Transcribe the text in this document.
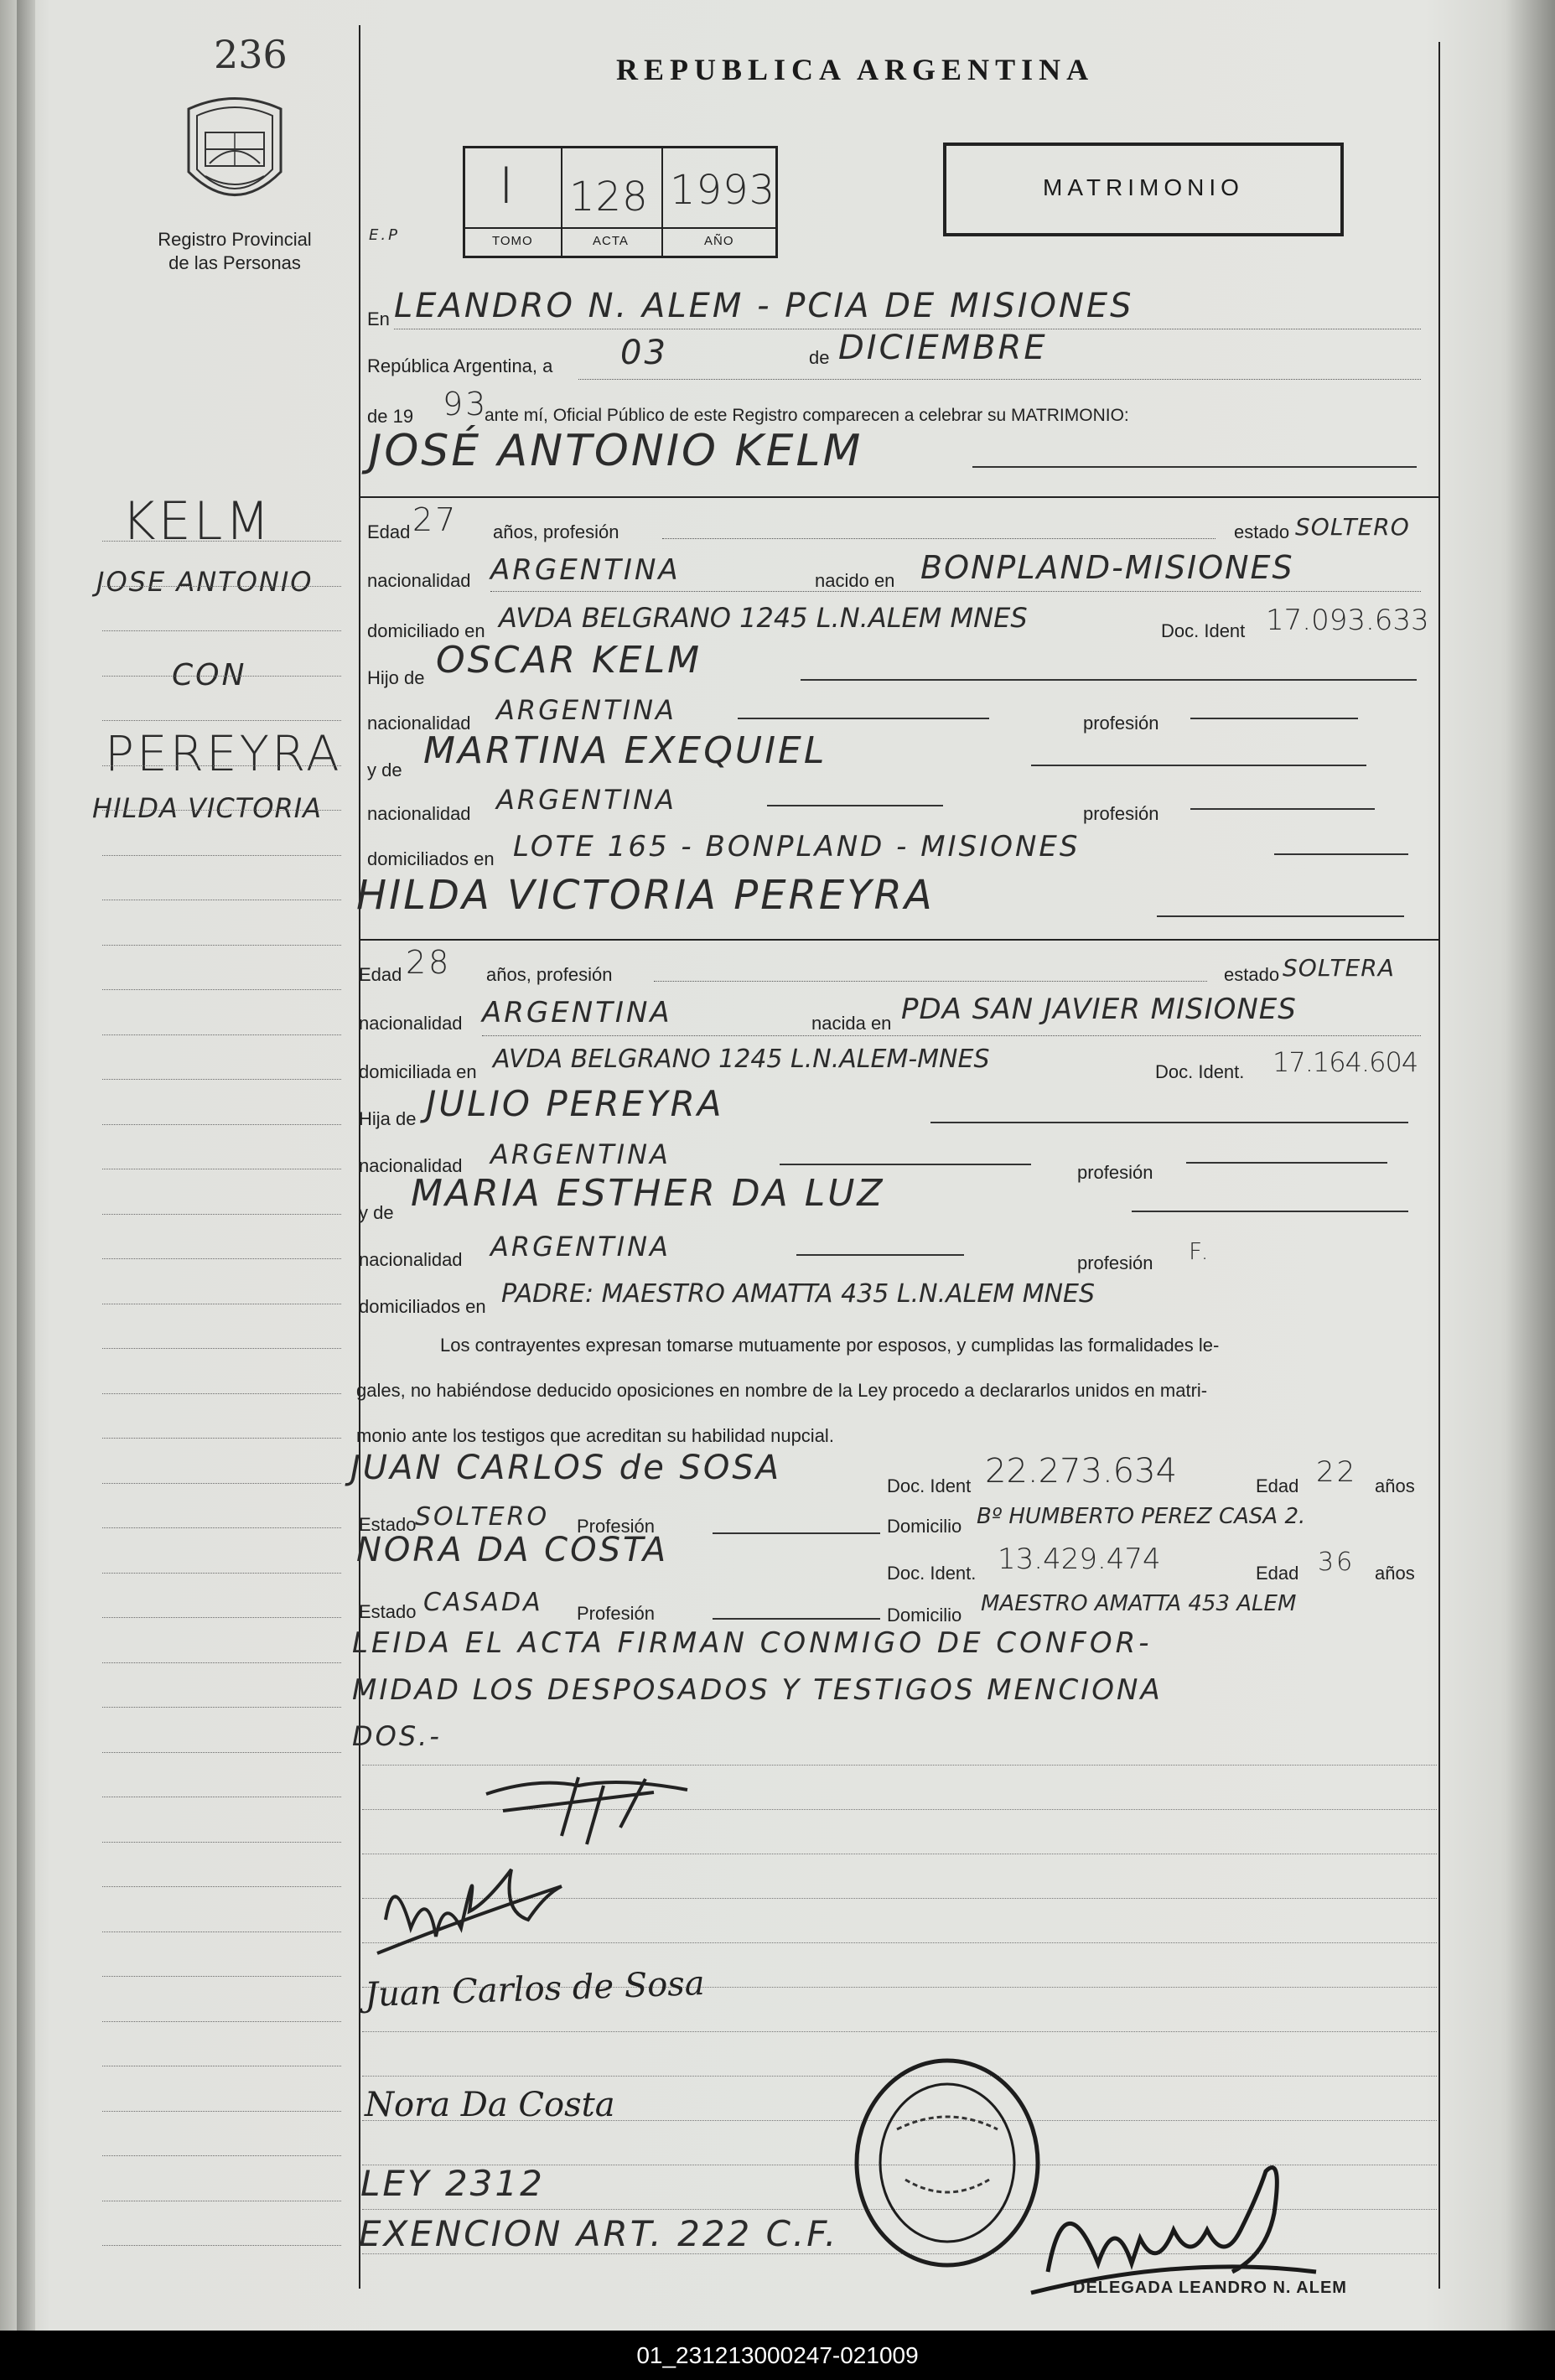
236
Registro Provincial
de las Personas
REPUBLICA ARGENTINA
I 128 1993
TOMO	ACTA	AÑO
E.P
MATRIMONIO
KELM
JOSE ANTONIO
CON
PEREYRA
HILDA VICTORIA
En LEANDRO N. ALEM - PCIA DE MISIONES
República Argentina, a 03	de DICIEMBRE
de 19 93
ante mí, Oficial Público de este Registro comparecen a celebrar su MATRIMONIO:
JOSÉ ANTONIO KELM
Edad 27 años, profesión	estado SOLTERO
nacionalidad ARGENTINA	nacido en BONPLAND-MISIONES
domiciliado en AVDA BELGRANO 1245 L.N.ALEM MNES	Doc. Ident 17.093.633
Hijo de OSCAR KELM
nacionalidad ARGENTINA	profesión
y de MARTINA EXEQUIEL
nacionalidad ARGENTINA	profesión
domiciliados en LOTE 165 - BONPLAND - MISIONES
HILDA VICTORIA PEREYRA
Edad 28 años, profesión	estado SOLTERA
nacionalidad ARGENTINA	nacida en PDA SAN JAVIER MISIONES
domiciliada en AVDA BELGRANO 1245 L.N.ALEM-MNES	Doc. Ident. 17.164.604
Hija de JULIO PEREYRA
nacionalidad ARGENTINA
profesión
y de MARIA ESTHER DA LUZ
nacionalidad ARGENTINA
profesión F.
domiciliados en PADRE: MAESTRO AMATTA 435 L.N.ALEM MNES
Los contrayentes expresan tomarse mutuamente por esposos, y cumplidas las formalidades le-
gales, no habiéndose deducido oposiciones en nombre de la Ley procedo a declararlos unidos en matri-
monio ante los testigos que acreditan su habilidad nupcial.
JUAN CARLOS de SOSA	Doc. Ident 22.273.634	Edad 22 años
Estado
SOLTERO Profesión	Domicilio Bº HUMBERTO PEREZ CASA 2.
NORA DA COSTA
Doc. Ident. 13.429.474	Edad 36 años
Estado CASADA Profesión	Domicilio MAESTRO AMATTA 453 ALEM
LEIDA EL ACTA FIRMAN CONMIGO DE CONFOR-
MIDAD LOS DESPOSADOS Y TESTIGOS MENCIONA
DOS.-
Juan Carlos de Sosa
Nora Da Costa
LEY 2312
EXENCION ART. 222 C.F.
DELEGADA LEANDRO N. ALEM
01_231213000247-021009
